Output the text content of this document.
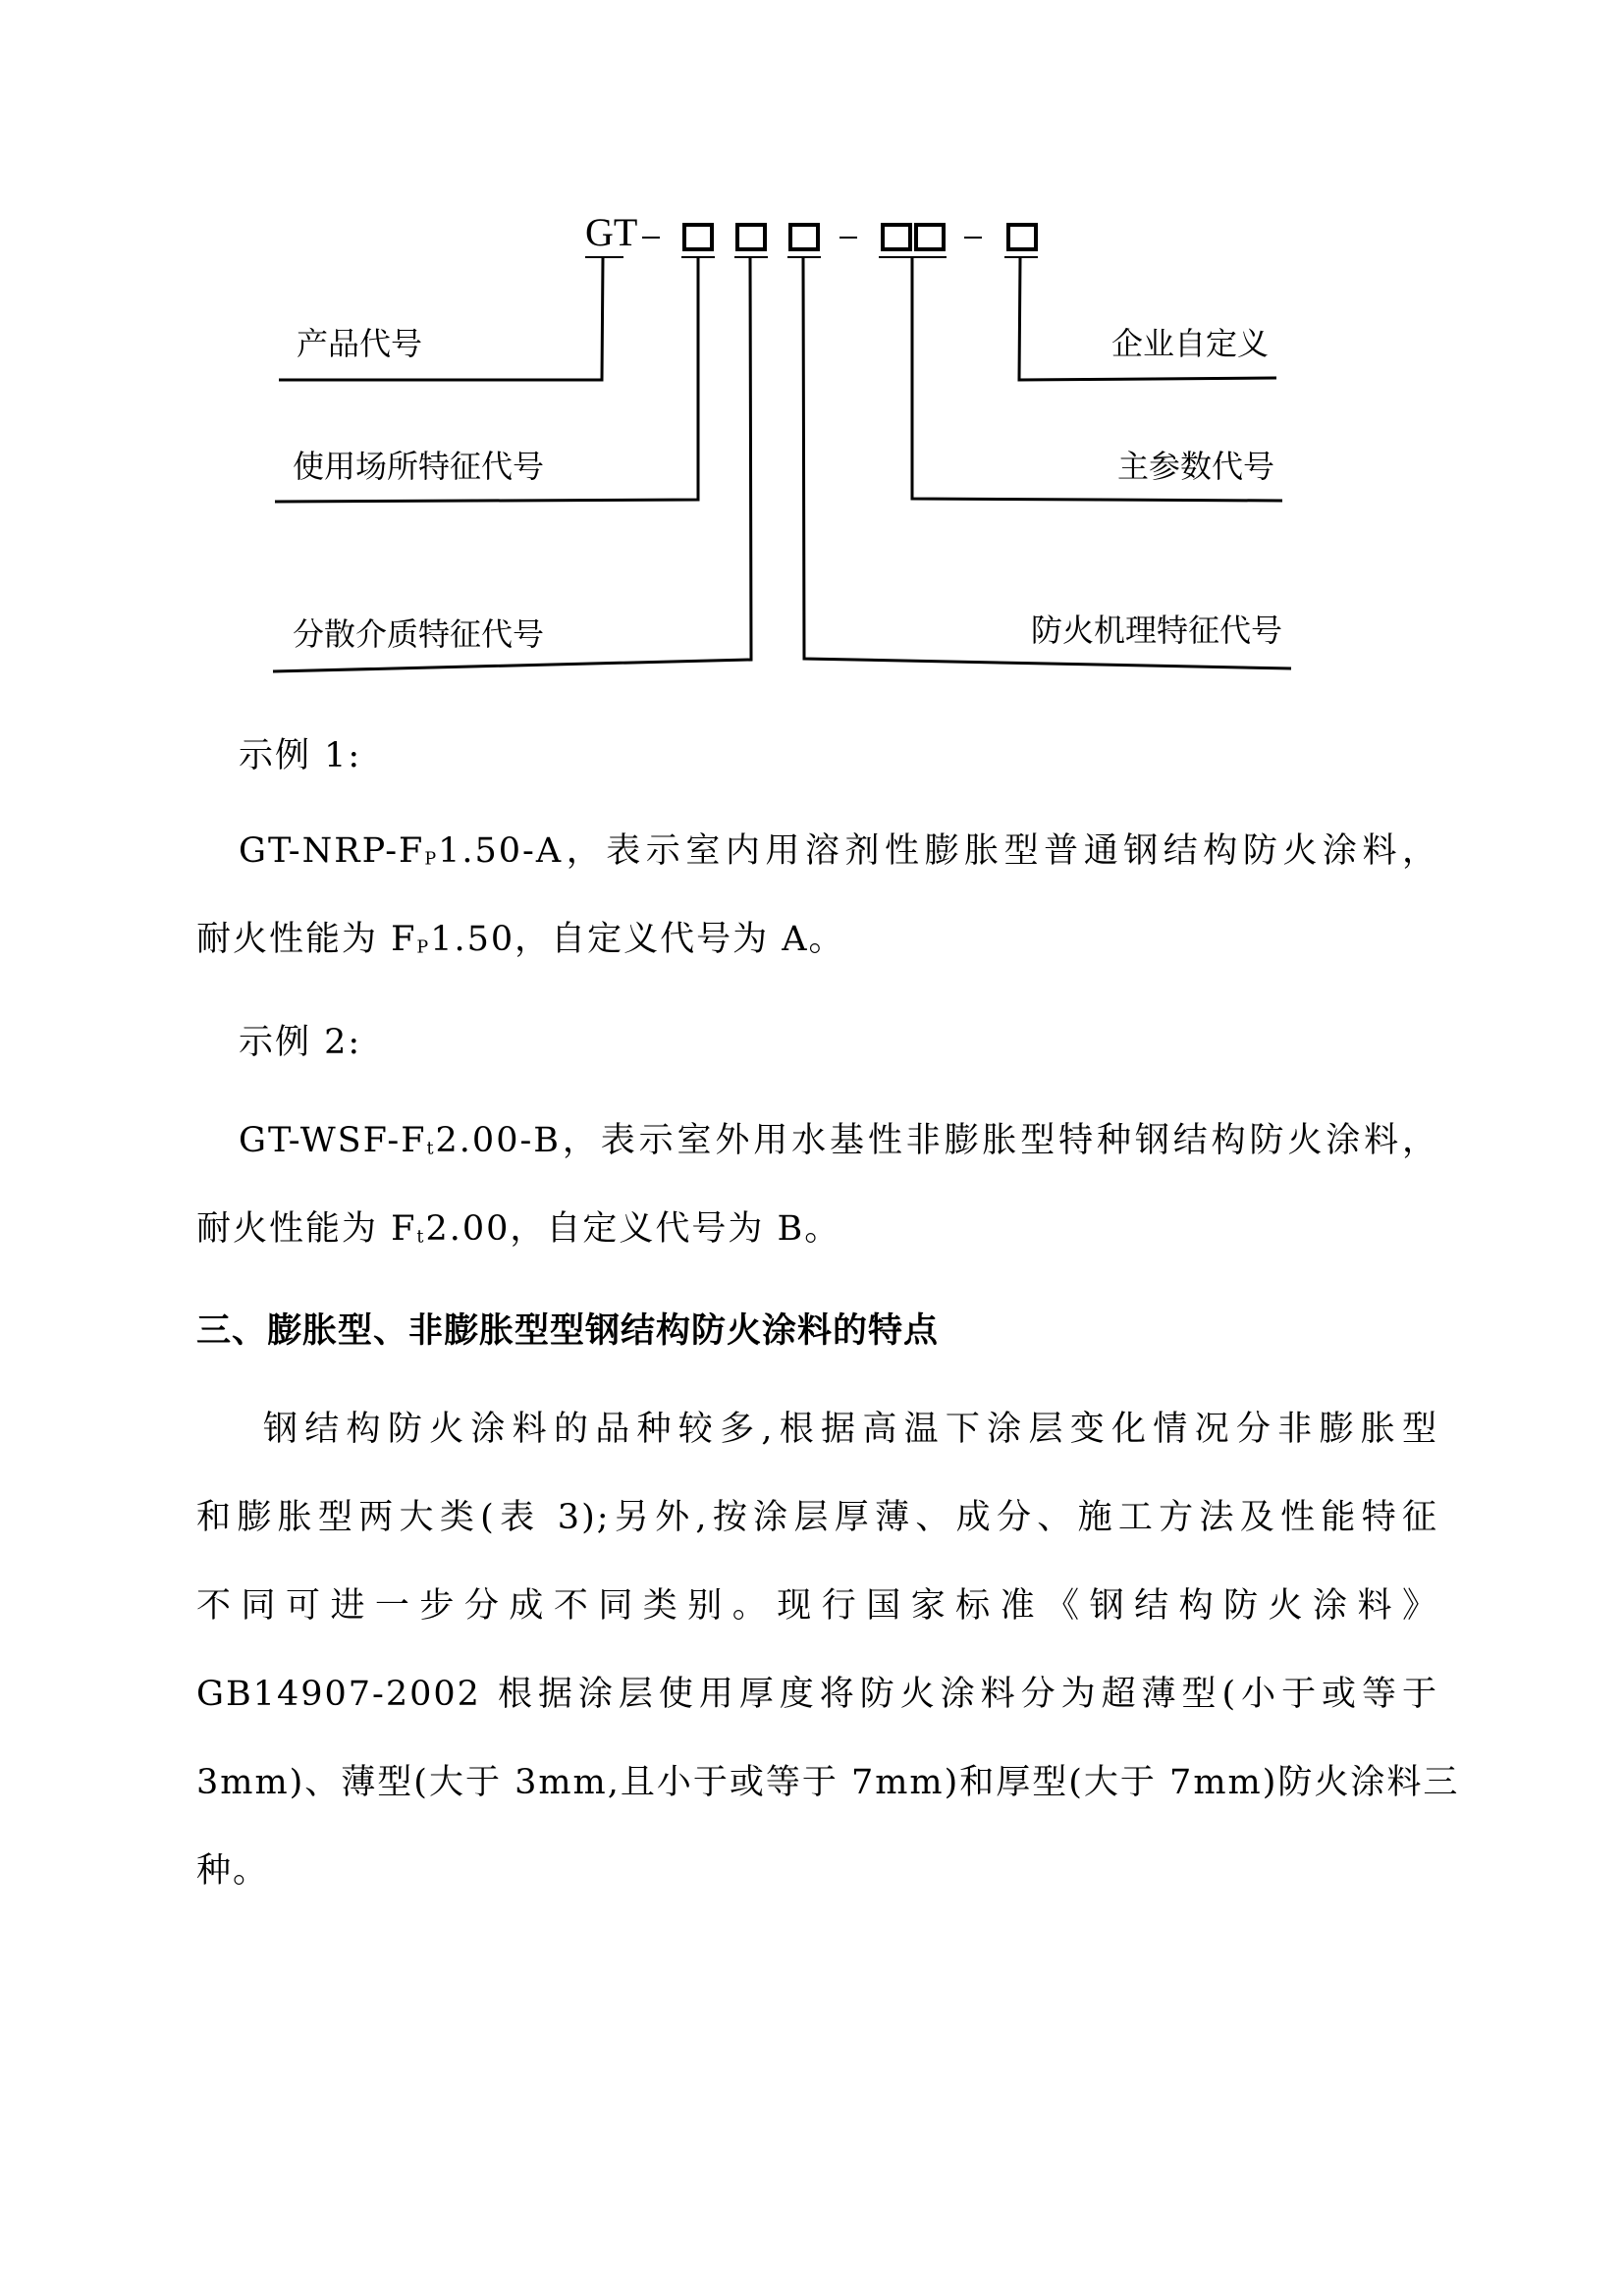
GT
产品代号
使用场所特征代号
分散介质特征代号
企业自定义
主参数代号
防火机理特征代号
示例 1:
$GT-NRP-F_P1.50-A$，表示室内用溶剂性膨胀型普通钢结构防火涂料，
耐火性能为 $F_P1.50$，自定义代号为 A。
示例 2:
$GT-WSF-F_t2.00-B$，表示室外用水基性非膨胀型特种钢结构防火涂料，
耐火性能为 $F_t2.00$，自定义代号为 B。
三、膨胀型、非膨胀型型钢结构防火涂料的特点
钢结构防火涂料的品种较多,根据高温下涂层变化情况分非膨胀型
和膨胀型两大类(表 3);另外,按涂层厚薄、成分、施工方法及性能特征
不同可进一步分成不同类别。现行国家标准《钢结构防火涂料》
GB14907-2002 根据涂层使用厚度将防火涂料分为超薄型(小于或等于
3mm)、薄型(大于 3mm,且小于或等于 7mm)和厚型(大于 7mm)防火涂料三
种。
